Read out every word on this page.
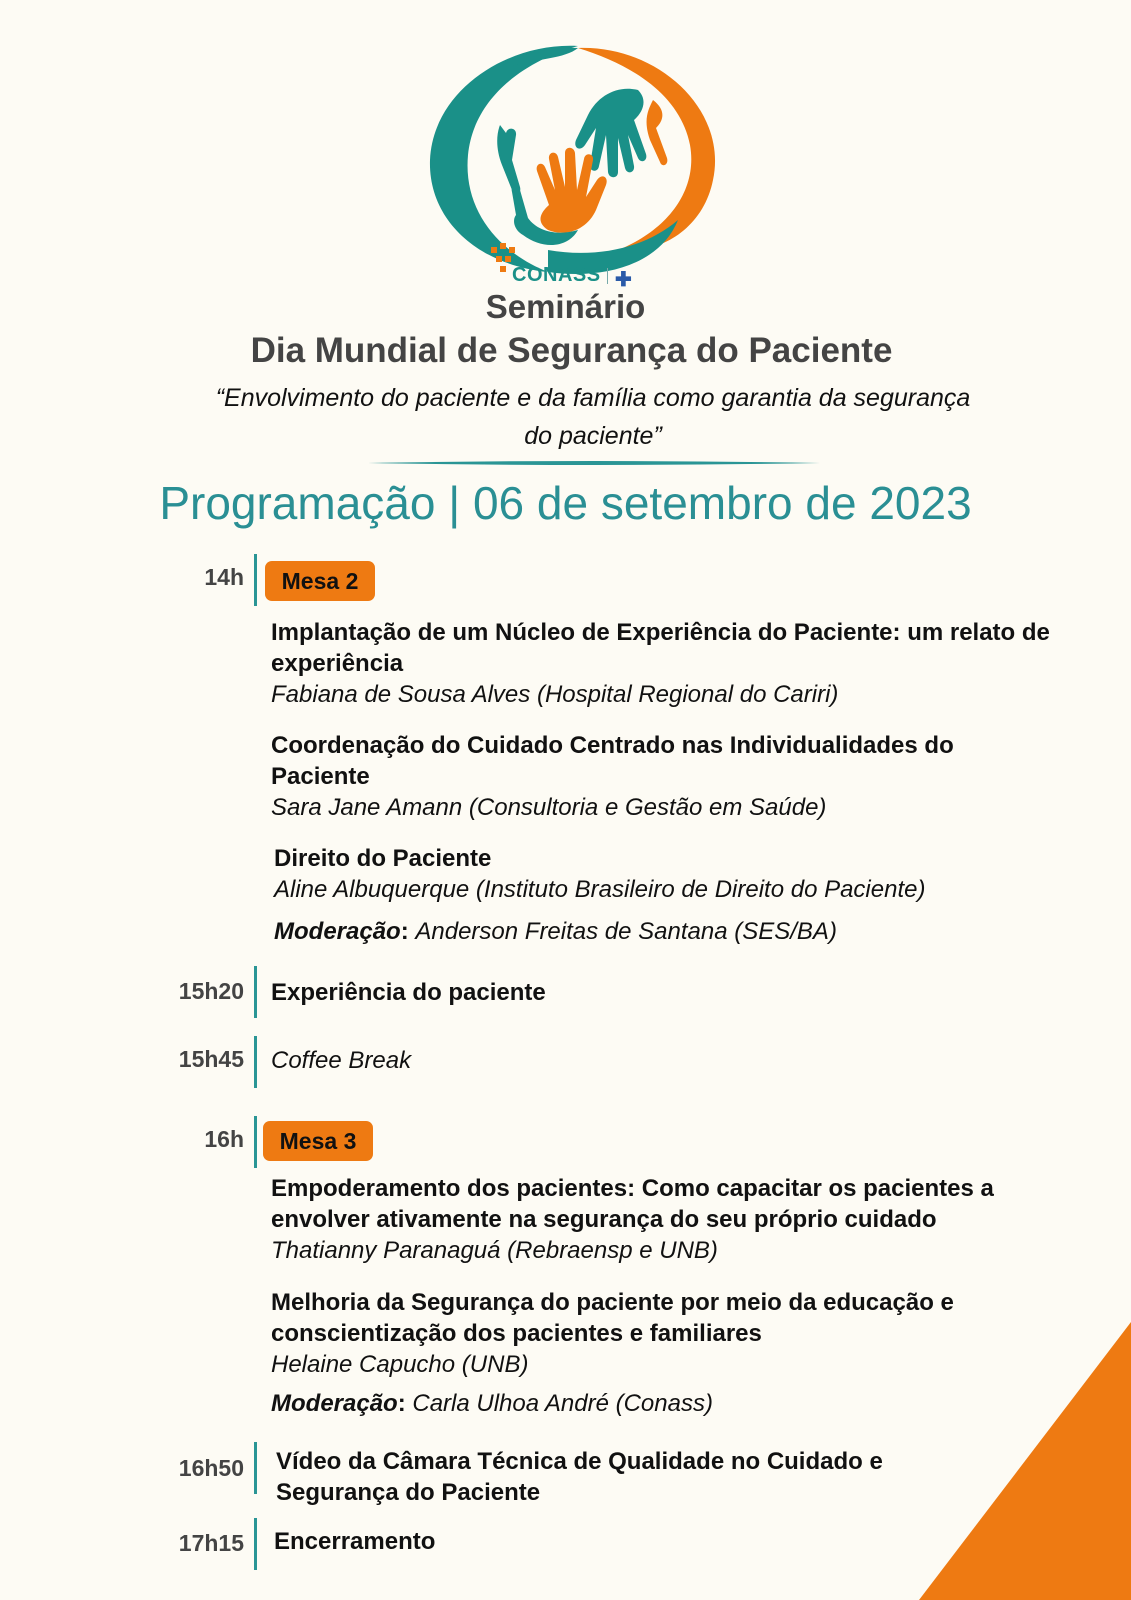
CONASS ✚
Seminário
Dia Mundial de Segurança do Paciente
“Envolvimento do paciente e da família como garantia da segurança do paciente”
Programação | 06 de setembro de 2023
14h	Mesa 2
Implantação de um Núcleo de Experiência do Paciente: um relato de experiência
Fabiana de Sousa Alves (Hospital Regional do Cariri)
Coordenação do Cuidado Centrado nas Individualidades do Paciente
Sara Jane Amann (Consultoria e Gestão em Saúde)
Direito do Paciente
Aline Albuquerque (Instituto Brasileiro de Direito do Paciente)
Moderação: Anderson Freitas de Santana (SES/BA)
15h20 Experiência do paciente
15h45 Coffee Break
16h	Mesa 3
Empoderamento dos pacientes: Como capacitar os pacientes a envolver ativamente na segurança do seu próprio cuidado
Thatianny Paranaguá (Rebraensp e UNB)
Melhoria da Segurança do paciente por meio da educação e conscientização dos pacientes e familiares
Helaine Capucho (UNB)
Moderação: Carla Ulhoa André (Conass)
16h50 Vídeo da Câmara Técnica de Qualidade no Cuidado e Segurança do Paciente
17h15 Encerramento
